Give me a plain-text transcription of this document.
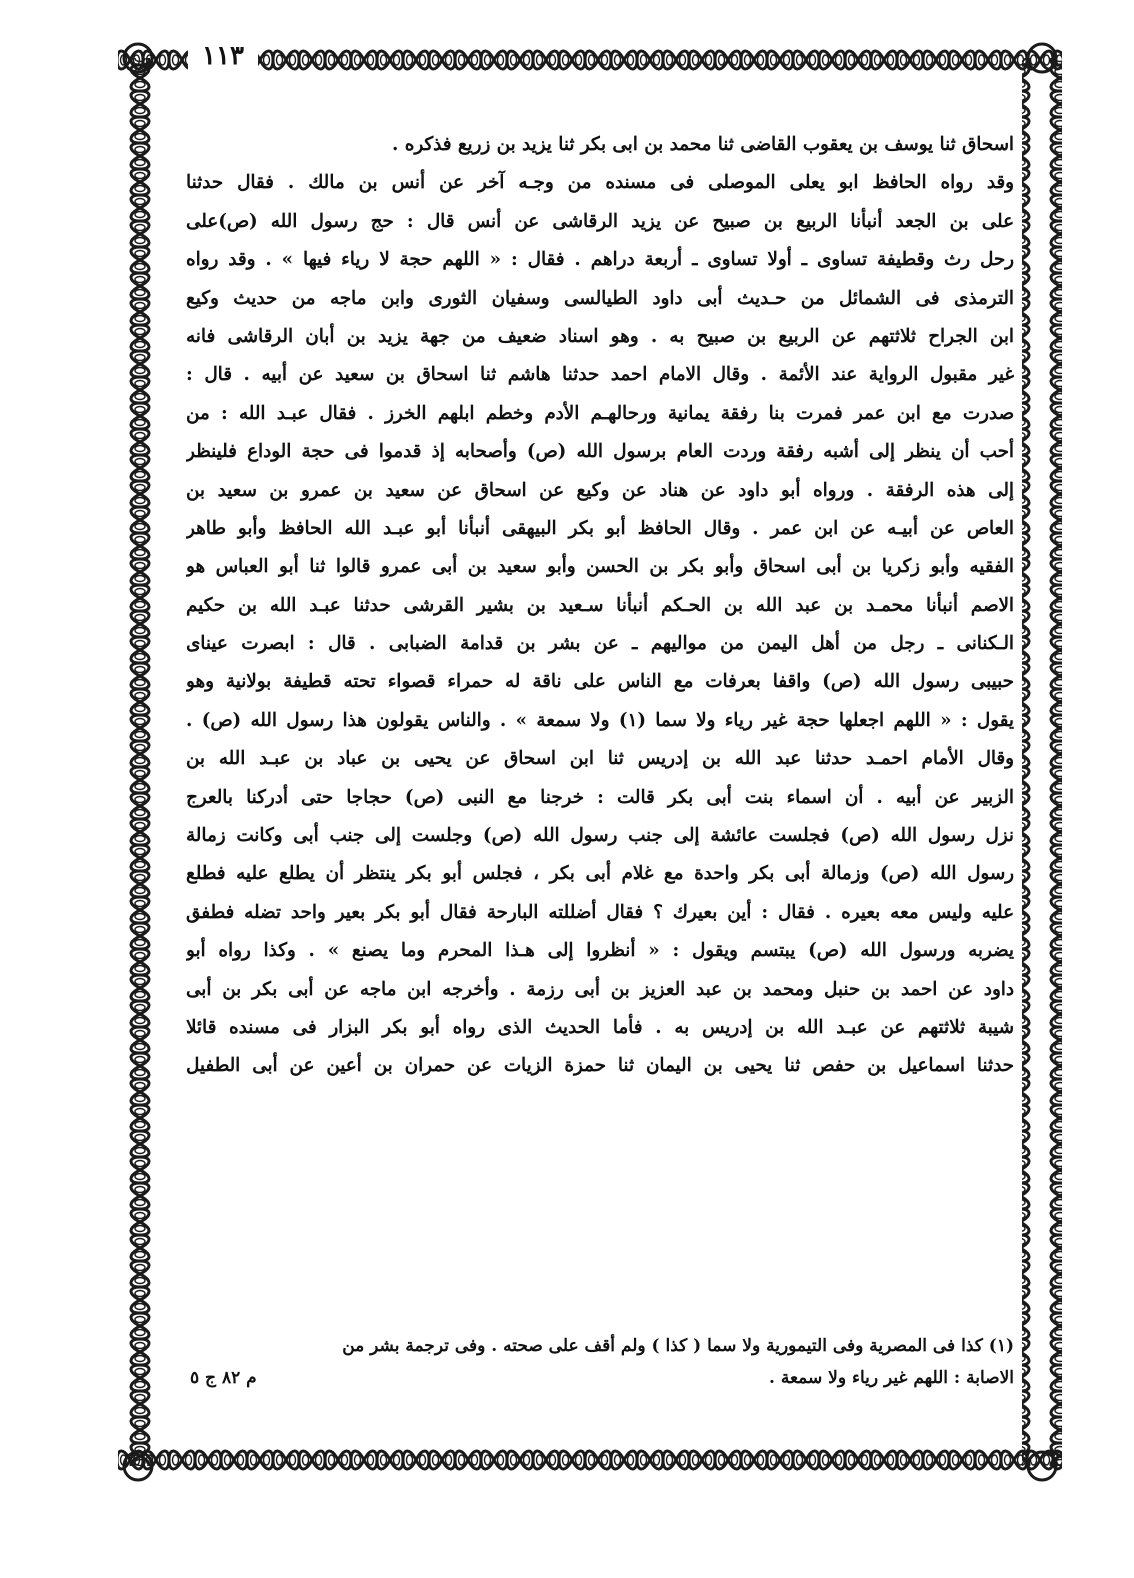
١١٣
اسحاق ثنا يوسف بن يعقوب القاضى ثنا محمد بن ابى بكر ثنا يزيد بن زريع فذكره .
وقد رواه الحافظ ابو يعلى الموصلى فى مسنده من وجـه آخر عن أنس بن مالك . فقال حدثنا
على بن الجعد أنبأنا الربيع بن صبيح عن يزيد الرقاشى عن أنس قال : حج رسول الله (ص)على
رحل رث وقطيفة تساوى ـ أولا تساوى ـ أربعة دراهم . فقال : « اللهم حجة لا رياء فيها » . وقد رواه
الترمذى فى الشمائل من حـديث أبى داود الطيالسى وسفيان الثورى وابن ماجه من حديث وكيع
ابن الجراح ثلاثتهم عن الربيع بن صبيح به . وهو اسناد ضعيف من جهة يزيد بن أبان الرقاشى فانه
غير مقبول الرواية عند الأئمة . وقال الامام احمد حدثنا هاشم ثنا اسحاق بن سعيد عن أبيه . قال :
صدرت مع ابن عمر فمرت بنا رفقة يمانية ورحالهـم الأدم وخطم ابلهم الخرز . فقال عبـد الله : من
أحب أن ينظر إلى أشبه رفقة وردت العام برسول الله (ص) وأصحابه إذ قدموا فى حجة الوداع فلينظر
إلى هذه الرفقة . ورواه أبو داود عن هناد عن وكيع عن اسحاق عن سعيد بن عمرو بن سعيد بن
العاص عن أبيـه عن ابن عمر . وقال الحافظ أبو بكر البيهقى أنبأنا أبو عبـد الله الحافظ وأبو طاهر
الفقيه وأبو زكريا بن أبى اسحاق وأبو بكر بن الحسن وأبو سعيد بن أبى عمرو قالوا ثنا أبو العباس هو
الاصم أنبأنا محمـد بن عبد الله بن الحـكم أنبأنا سـعيد بن بشير القرشى حدثنا عبـد الله بن حكيم
الـكنانى ـ رجل من أهل اليمن من مواليهم ـ عن بشر بن قدامة الضبابى . قال : ابصرت عيناى
حبيبى رسول الله (ص) واقفا بعرفات مع الناس على ناقة له حمراء قصواء تحته قطيفة بولانية وهو
يقول : « اللهم اجعلها حجة غير رياء ولا سما (١) ولا سمعة » . والناس يقولون هذا رسول الله (ص) .
وقال الأمام احمـد حدثنا عبد الله بن إدريس ثنا ابن اسحاق عن يحيى بن عباد بن عبـد الله بن
الزبير عن أبيه . أن اسماء بنت أبى بكر قالت : خرجنا مع النبى (ص) حجاجا حتى أدركنا بالعرج
نزل رسول الله (ص) فجلست عائشة إلى جنب رسول الله (ص) وجلست إلى جنب أبى وكانت زمالة
رسول الله (ص) وزمالة أبى بكر واحدة مع غلام أبى بكر ، فجلس أبو بكر ينتظر أن يطلع عليه فطلع
عليه وليس معه بعيره . فقال : أين بعيرك ؟ فقال أضللته البارحة فقال أبو بكر بعير واحد تضله فطفق
يضربه ورسول الله (ص) يبتسم ويقول : « أنظروا إلى هـذا المحرم وما يصنع » . وكذا رواه أبو
داود عن احمد بن حنبل ومحمد بن عبد العزيز بن أبى رزمة . وأخرجه ابن ماجه عن أبى بكر بن أبى
شيبة ثلاثتهم عن عبـد الله بن إدريس به . فأما الحديث الذى رواه أبو بكر البزار فى مسنده قائلا
حدثنا اسماعيل بن حفص ثنا يحيى بن اليمان ثنا حمزة الزيات عن حمران بن أعين عن أبى الطفيل
(١) كذا فى المصرية وفى التيمورية ولا سما ( كذا ) ولم أقف على صحته . وفى ترجمة بشر من
الاصابة : اللهم غير رياء ولا سمعة .
م ٨٢ ج ٥
